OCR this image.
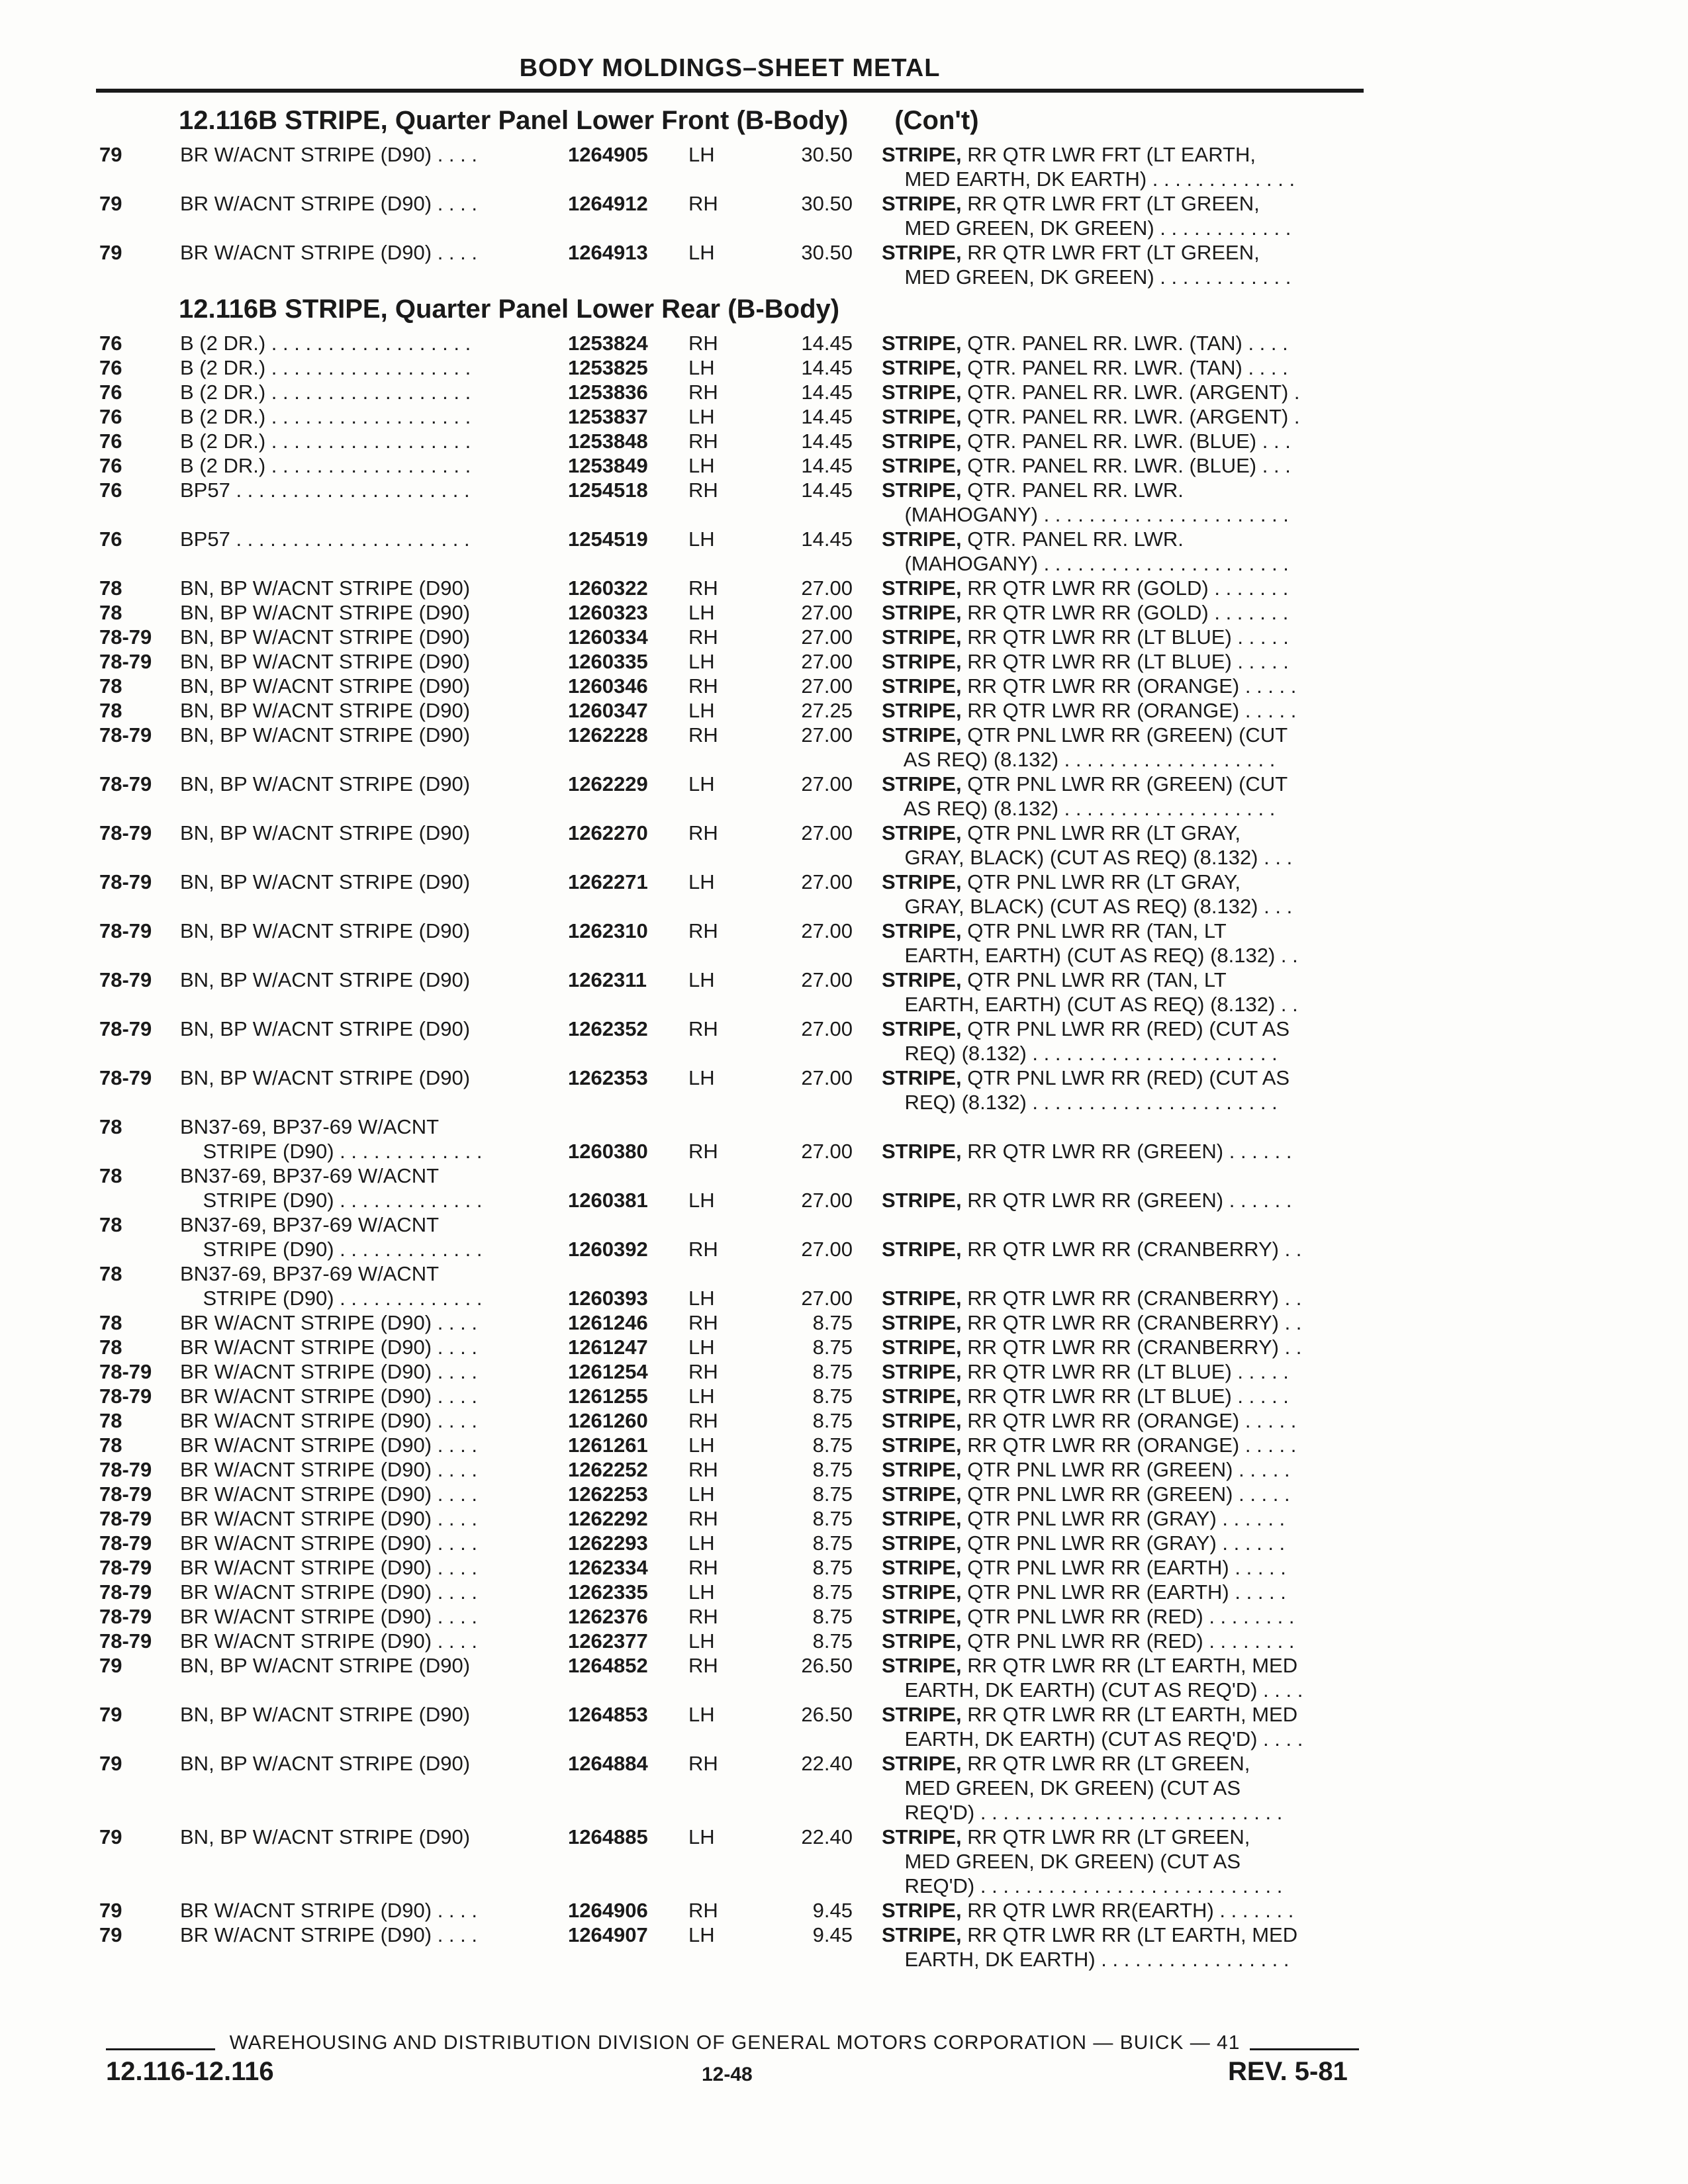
BODY MOLDINGS–SHEET METAL
12.116B STRIPE, Quarter Panel Lower Front (B-Body) (Con't)
79	BR W/ACNT STRIPE (D90) . . . .	1264905	LH	30.50 STRIPE, RR QTR LWR FRT (LT EARTH,
MED EARTH, DK EARTH) . . . . . . . . . . . . .
79	BR W/ACNT STRIPE (D90) . . . .	1264912	RH	30.50 STRIPE, RR QTR LWR FRT (LT GREEN,
MED GREEN, DK GREEN) . . . . . . . . . . . .
79	BR W/ACNT STRIPE (D90) . . . .	1264913	LH	30.50 STRIPE, RR QTR LWR FRT (LT GREEN,
MED GREEN, DK GREEN) . . . . . . . . . . . .
12.116B STRIPE, Quarter Panel Lower Rear (B-Body)
76	B (2 DR.) . . . . . . . . . . . . . . . . . .	1253824	RH	14.45 STRIPE, QTR. PANEL RR. LWR. (TAN) . . . .
76	B (2 DR.) . . . . . . . . . . . . . . . . . .	1253825	LH	14.45 STRIPE, QTR. PANEL RR. LWR. (TAN) . . . .
76	B (2 DR.) . . . . . . . . . . . . . . . . . .	1253836	RH	14.45 STRIPE, QTR. PANEL RR. LWR. (ARGENT) .
76	B (2 DR.) . . . . . . . . . . . . . . . . . .	1253837	LH	14.45 STRIPE, QTR. PANEL RR. LWR. (ARGENT) .
76	B (2 DR.) . . . . . . . . . . . . . . . . . .	1253848	RH	14.45 STRIPE, QTR. PANEL RR. LWR. (BLUE) . . .
76	B (2 DR.) . . . . . . . . . . . . . . . . . .	1253849	LH	14.45 STRIPE, QTR. PANEL RR. LWR. (BLUE) . . .
76	BP57 . . . . . . . . . . . . . . . . . . . . .	1254518	RH	14.45 STRIPE, QTR. PANEL RR. LWR.
(MAHOGANY) . . . . . . . . . . . . . . . . . . . . . .
76	BP57 . . . . . . . . . . . . . . . . . . . . .	1254519	LH	14.45 STRIPE, QTR. PANEL RR. LWR.
(MAHOGANY) . . . . . . . . . . . . . . . . . . . . . .
78	BN, BP W/ACNT STRIPE (D90)	1260322	RH	27.00 STRIPE, RR QTR LWR RR (GOLD) . . . . . . .
78	BN, BP W/ACNT STRIPE (D90)	1260323	LH	27.00 STRIPE, RR QTR LWR RR (GOLD) . . . . . . .
78-79	BN, BP W/ACNT STRIPE (D90)	1260334	RH	27.00 STRIPE, RR QTR LWR RR (LT BLUE) . . . . .
78-79	BN, BP W/ACNT STRIPE (D90)	1260335	LH	27.00 STRIPE, RR QTR LWR RR (LT BLUE) . . . . .
78	BN, BP W/ACNT STRIPE (D90)	1260346	RH	27.00 STRIPE, RR QTR LWR RR (ORANGE) . . . . .
78	BN, BP W/ACNT STRIPE (D90)	1260347	LH	27.25 STRIPE, RR QTR LWR RR (ORANGE) . . . . .
78-79	BN, BP W/ACNT STRIPE (D90)	1262228	RH	27.00 STRIPE, QTR PNL LWR RR (GREEN) (CUT
AS REQ) (8.132) . . . . . . . . . . . . . . . . . . .
78-79	BN, BP W/ACNT STRIPE (D90)	1262229	LH	27.00 STRIPE, QTR PNL LWR RR (GREEN) (CUT
AS REQ) (8.132) . . . . . . . . . . . . . . . . . . .
78-79	BN, BP W/ACNT STRIPE (D90)	1262270	RH	27.00 STRIPE, QTR PNL LWR RR (LT GRAY,
GRAY, BLACK) (CUT AS REQ) (8.132) . . .
78-79	BN, BP W/ACNT STRIPE (D90)	1262271	LH	27.00 STRIPE, QTR PNL LWR RR (LT GRAY,
GRAY, BLACK) (CUT AS REQ) (8.132) . . .
78-79	BN, BP W/ACNT STRIPE (D90)	1262310	RH	27.00 STRIPE, QTR PNL LWR RR (TAN, LT
EARTH, EARTH) (CUT AS REQ) (8.132) . .
78-79	BN, BP W/ACNT STRIPE (D90)	1262311	LH	27.00 STRIPE, QTR PNL LWR RR (TAN, LT
EARTH, EARTH) (CUT AS REQ) (8.132) . .
78-79	BN, BP W/ACNT STRIPE (D90)	1262352	RH	27.00 STRIPE, QTR PNL LWR RR (RED) (CUT AS
REQ) (8.132) . . . . . . . . . . . . . . . . . . . . . .
78-79	BN, BP W/ACNT STRIPE (D90)	1262353	LH	27.00 STRIPE, QTR PNL LWR RR (RED) (CUT AS
REQ) (8.132) . . . . . . . . . . . . . . . . . . . . . .
78	BN37-69, BP37-69 W/ACNT
STRIPE (D90) . . . . . . . . . . . . .	1260380	RH	27.00 STRIPE, RR QTR LWR RR (GREEN) . . . . . .
78	BN37-69, BP37-69 W/ACNT
STRIPE (D90) . . . . . . . . . . . . .	1260381	LH	27.00 STRIPE, RR QTR LWR RR (GREEN) . . . . . .
78	BN37-69, BP37-69 W/ACNT
STRIPE (D90) . . . . . . . . . . . . .	1260392	RH	27.00 STRIPE, RR QTR LWR RR (CRANBERRY) . .
78	BN37-69, BP37-69 W/ACNT
STRIPE (D90) . . . . . . . . . . . . .	1260393	LH	27.00 STRIPE, RR QTR LWR RR (CRANBERRY) . .
78	BR W/ACNT STRIPE (D90) . . . .	1261246	RH	8.75 STRIPE, RR QTR LWR RR (CRANBERRY) . .
78	BR W/ACNT STRIPE (D90) . . . .	1261247	LH	8.75 STRIPE, RR QTR LWR RR (CRANBERRY) . .
78-79	BR W/ACNT STRIPE (D90) . . . .	1261254	RH	8.75 STRIPE, RR QTR LWR RR (LT BLUE) . . . . .
78-79	BR W/ACNT STRIPE (D90) . . . .	1261255	LH	8.75 STRIPE, RR QTR LWR RR (LT BLUE) . . . . .
78	BR W/ACNT STRIPE (D90) . . . .	1261260	RH	8.75 STRIPE, RR QTR LWR RR (ORANGE) . . . . .
78	BR W/ACNT STRIPE (D90) . . . .	1261261	LH	8.75 STRIPE, RR QTR LWR RR (ORANGE) . . . . .
78-79	BR W/ACNT STRIPE (D90) . . . .	1262252	RH	8.75 STRIPE, QTR PNL LWR RR (GREEN) . . . . .
78-79	BR W/ACNT STRIPE (D90) . . . .	1262253	LH	8.75 STRIPE, QTR PNL LWR RR (GREEN) . . . . .
78-79	BR W/ACNT STRIPE (D90) . . . .	1262292	RH	8.75 STRIPE, QTR PNL LWR RR (GRAY) . . . . . .
78-79	BR W/ACNT STRIPE (D90) . . . .	1262293	LH	8.75 STRIPE, QTR PNL LWR RR (GRAY) . . . . . .
78-79	BR W/ACNT STRIPE (D90) . . . .	1262334	RH	8.75 STRIPE, QTR PNL LWR RR (EARTH) . . . . .
78-79	BR W/ACNT STRIPE (D90) . . . .	1262335	LH	8.75 STRIPE, QTR PNL LWR RR (EARTH) . . . . .
78-79	BR W/ACNT STRIPE (D90) . . . .	1262376	RH	8.75 STRIPE, QTR PNL LWR RR (RED) . . . . . . . .
78-79	BR W/ACNT STRIPE (D90) . . . .	1262377	LH	8.75 STRIPE, QTR PNL LWR RR (RED) . . . . . . . .
79	BN, BP W/ACNT STRIPE (D90)	1264852	RH	26.50 STRIPE, RR QTR LWR RR (LT EARTH, MED
EARTH, DK EARTH) (CUT AS REQ'D) . . . .
79	BN, BP W/ACNT STRIPE (D90)	1264853	LH	26.50 STRIPE, RR QTR LWR RR (LT EARTH, MED
EARTH, DK EARTH) (CUT AS REQ'D) . . . .
79	BN, BP W/ACNT STRIPE (D90)	1264884	RH	22.40 STRIPE, RR QTR LWR RR (LT GREEN,
MED GREEN, DK GREEN) (CUT AS
REQ'D) . . . . . . . . . . . . . . . . . . . . . . . . . . .
79	BN, BP W/ACNT STRIPE (D90)	1264885	LH	22.40 STRIPE, RR QTR LWR RR (LT GREEN,
MED GREEN, DK GREEN) (CUT AS
REQ'D) . . . . . . . . . . . . . . . . . . . . . . . . . . .
79	BR W/ACNT STRIPE (D90) . . . .	1264906	RH	9.45 STRIPE, RR QTR LWR RR(EARTH) . . . . . . .
79	BR W/ACNT STRIPE (D90) . . . .	1264907	LH	9.45 STRIPE, RR QTR LWR RR (LT EARTH, MED
EARTH, DK EARTH) . . . . . . . . . . . . . . . . .
WAREHOUSING AND DISTRIBUTION DIVISION OF GENERAL MOTORS CORPORATION — BUICK — 41
12.116-12.116	12-48	REV. 5-81
